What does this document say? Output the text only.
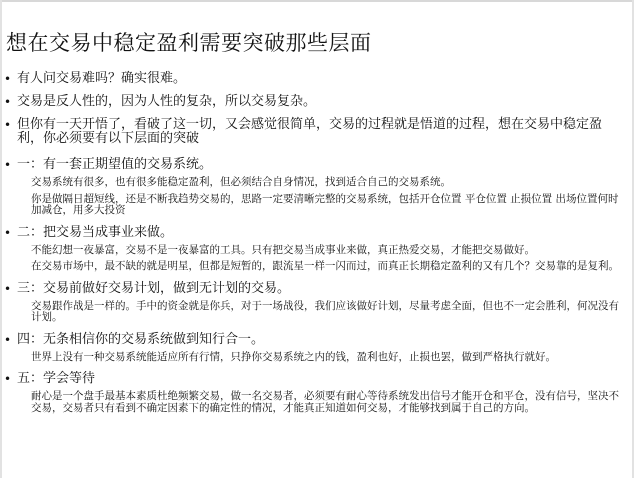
想在交易中稳定盈利需要突破那些层面
• 有人问交易难吗？确实很难。
• 交易是反人性的，因为人性的复杂，所以交易复杂。
• 但你有一天开悟了，看破了这一切，又会感觉很简单，交易的过程就是悟道的过程，想在交易中稳定盈利，你必须要有以下层面的突破
• 一：有一套正期望值的交易系统。
交易系统有很多，也有很多能稳定盈利，但必须结合自身情况，找到适合自己的交易系统。
你是做隔日超短线，还是不断我趋势交易的，思路一定要清晰完整的交易系统，包括开仓位置 平仓位置 止损位置 出场位置何时加减仓，用多大投资
• 二：把交易当成事业来做。
不能幻想一夜暴富，交易不是一夜暴富的工具。只有把交易当成事业来做，真正热爱交易，才能把交易做好。
在交易市场中，最不缺的就是明星，但都是短暂的，跟流星一样一闪而过，而真正长期稳定盈利的又有几个？交易靠的是复利。
• 三：交易前做好交易计划，做到无计划的交易。
交易跟作战是一样的。手中的资金就是你兵，对于一场战役，我们应该做好计划，尽量考虑全面，但也不一定会胜利，何况没有计划。
• 四：无条相信你的交易系统做到知行合一。
世界上没有一种交易系统能适应所有行情，只挣你交易系统之内的钱，盈利也好，止损也罢，做到严格执行就好。
• 五：学会等待
耐心是一个盘手最基本素质杜绝频繁交易，做一名交易者，必须要有耐心等待系统发出信号才能开仓和平仓，没有信号，坚决不交易，交易者只有看到不确定因素下的确定性的情况，才能真正知道如何交易，才能够找到属于自己的方向。
